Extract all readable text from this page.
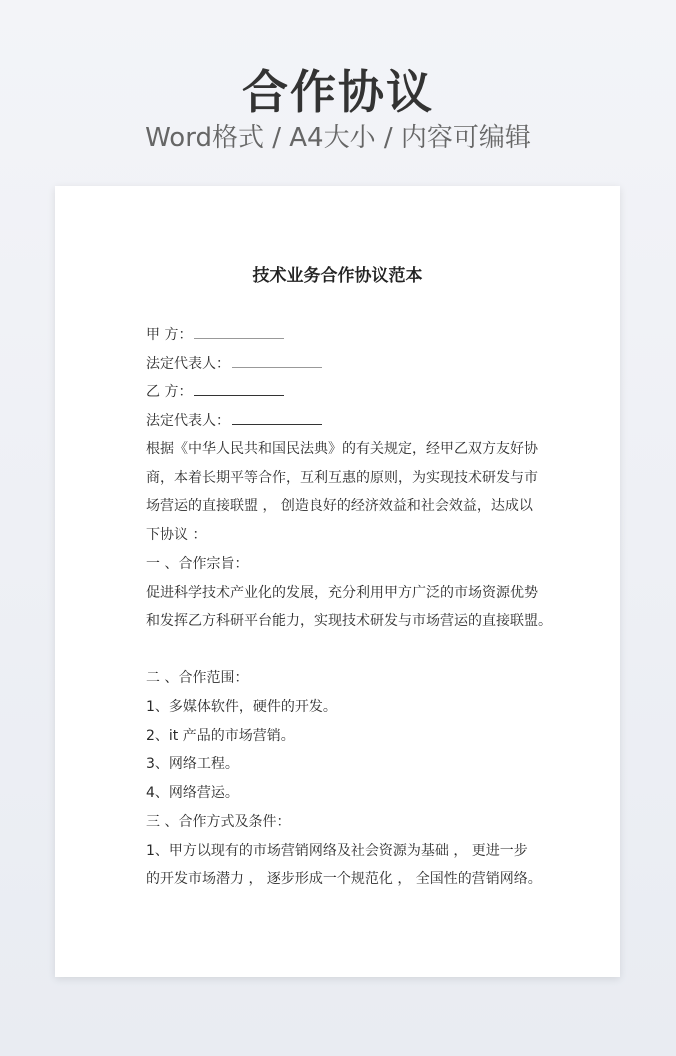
合作协议
Word格式 / A4大小 / 内容可编辑
技术业务合作协议范本
甲 方：
法定代表人：
乙 方：
法定代表人：
根据《中华人民共和国民法典》的有关规定，经甲乙双方友好协
商，本着长期平等合作，互利互惠的原则，为实现技术研发与市
场营运的直接联盟 ， 创造良好的经济效益和社会效益，达成以
下协议 ：
一 、合作宗旨：
促进科学技术产业化的发展，充分利用甲方广泛的市场资源优势
和发挥乙方科研平台能力，实现技术研发与市场营运的直接联盟。
二 、合作范围：
1、多媒体软件，硬件的开发。
2、it 产品的市场营销。
3、网络工程。
4、网络营运。
三 、合作方式及条件：
1、甲方以现有的市场营销网络及社会资源为基础 ， 更进一步
的开发市场潜力 ， 逐步形成一个规范化 ， 全国性的营销网络。
